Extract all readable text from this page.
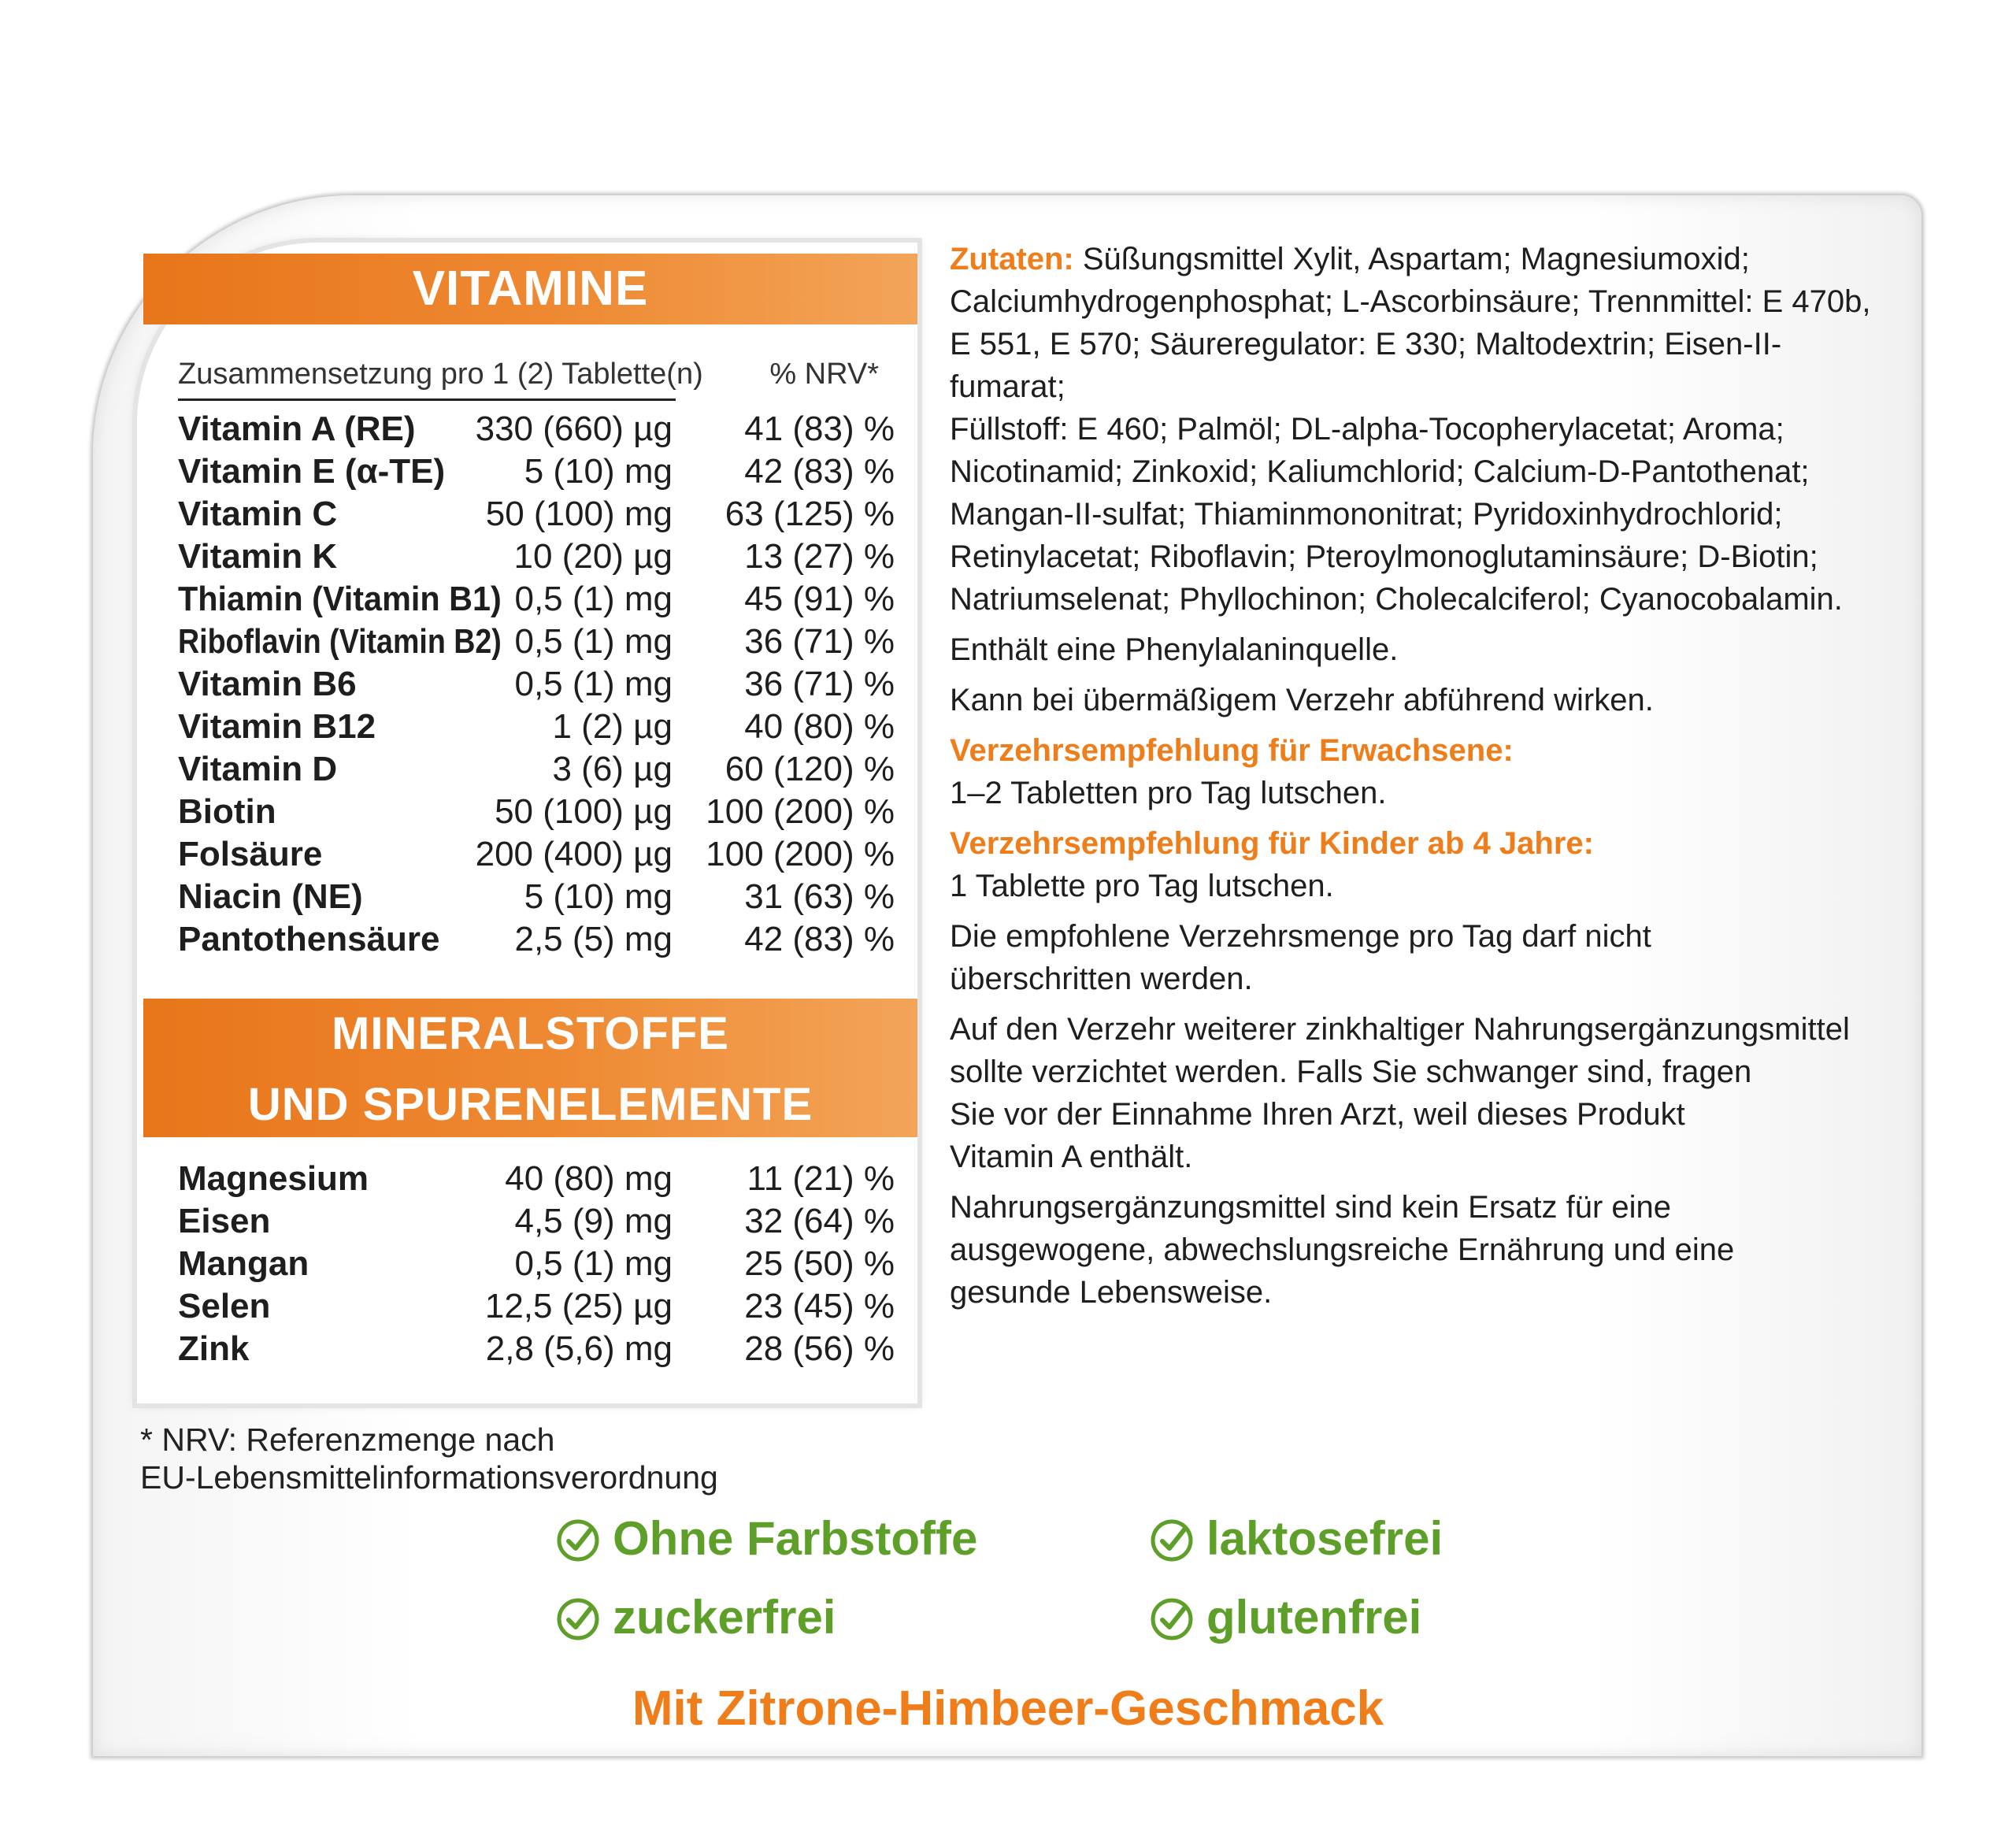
VITAMINE
Zusammensetzung pro 1 (2) Tablette(n) % NRV*
Vitamin A (RE) 330 (660) µg 41 (83) %
Vitamin E (α-TE) 5 (10) mg 42 (83) %
Vitamin C	50 (100) mg 63 (125) %
Vitamin K	10 (20) µg 13 (27) %
Thiamin (Vitamin B1) 0,5 (1) mg 45 (91) %
Riboflavin (Vitamin B2) 0,5 (1) mg 36 (71) %
Vitamin B6	0,5 (1) mg 36 (71) %
Vitamin B12	1 (2) µg 40 (80) %
Vitamin D	3 (6) µg 60 (120) %
Biotin	50 (100) µg 100 (200) %
Folsäure	200 (400) µg 100 (200) %
Niacin (NE)	5 (10) mg 31 (63) %
Pantothensäure 2,5 (5) mg 42 (83) %
MINERALSTOFFE
UND SPURENELEMENTE
Magnesium	40 (80) mg 11 (21) %
Eisen	4,5 (9) mg 32 (64) %
Mangan	0,5 (1) mg 25 (50) %
Selen	12,5 (25) µg 23 (45) %
Zink	2,8 (5,6) mg 28 (56) %
* NRV: Referenzmenge nach
EU-Lebensmittelinformationsverordnung

Zutaten: Süßungsmittel Xylit, Aspartam; Magnesiumoxid;
Calciumhydrogenphosphat; L-Ascorbinsäure; Trennmittel: E 470b,
E 551, E 570; Säureregulator: E 330; Maltodextrin; Eisen-II-fumarat;
Füllstoff: E 460; Palmöl; DL-alpha-Tocopherylacetat; Aroma;
Nicotinamid; Zinkoxid; Kaliumchlorid; Calcium-D-Pantothenat;
Mangan-II-sulfat; Thiaminmononitrat; Pyridoxinhydrochlorid;
Retinylacetat; Riboflavin; Pteroylmonoglutaminsäure; D-Biotin;
Natriumselenat; Phyllochinon; Cholecalciferol; Cyanocobalamin.

Enthält eine Phenylalaninquelle.

Kann bei übermäßigem Verzehr abführend wirken.

Verzehrsempfehlung für Erwachsene:

1–2 Tabletten pro Tag lutschen.

Verzehrsempfehlung für Kinder ab 4 Jahre:

1 Tablette pro Tag lutschen.

Die empfohlene Verzehrsmenge pro Tag darf nicht
überschritten werden.

Auf den Verzehr weiterer zinkhaltiger Nahrungsergänzungsmittel
sollte verzichtet werden. Falls Sie schwanger sind, fragen
Sie vor der Einnahme Ihren Arzt, weil dieses Produkt
Vitamin A enthält.

Nahrungsergänzungsmittel sind kein Ersatz für eine
ausgewogene, abwechslungsreiche Ernährung und eine
gesunde Lebensweise.

Ohne Farbstoffe	laktosefrei
zuckerfrei	glutenfrei
Mit Zitrone-Himbeer-Geschmack
